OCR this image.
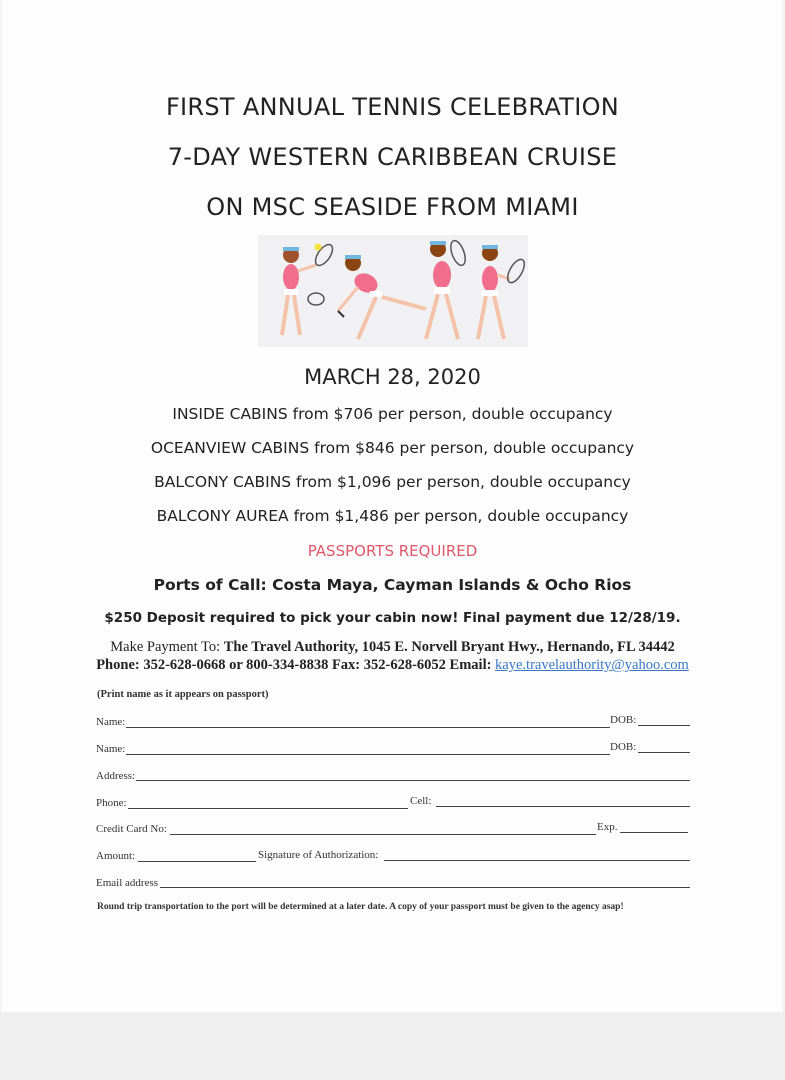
FIRST ANNUAL TENNIS CELEBRATION
7-DAY WESTERN CARIBBEAN CRUISE
ON MSC SEASIDE FROM MIAMI
MARCH 28, 2020
INSIDE CABINS from $706 per person, double occupancy
OCEANVIEW CABINS from $846 per person, double occupancy
BALCONY CABINS from $1,096 per person, double occupancy
BALCONY AUREA from $1,486 per person, double occupancy
PASSPORTS REQUIRED
Ports of Call: Costa Maya, Cayman Islands & Ocho Rios
$250 Deposit required to pick your cabin now! Final payment due 12/28/19.
Make Payment To: The Travel Authority, 1045 E. Norvell Bryant Hwy., Hernando, FL 34442
Phone: 352-628-0668 or 800-334-8838 Fax: 352-628-6052 Email: kaye.travelauthority@yahoo.com
(Print name as it appears on passport)
Name:	DOB:
Name:	DOB:
Address:
Phone:	Cell:
Credit Card No:	Exp.
Amount:	Signature of Authorization:
Email address
Round trip transportation to the port will be determined at a later date. A copy of your passport must be given to the agency asap!
